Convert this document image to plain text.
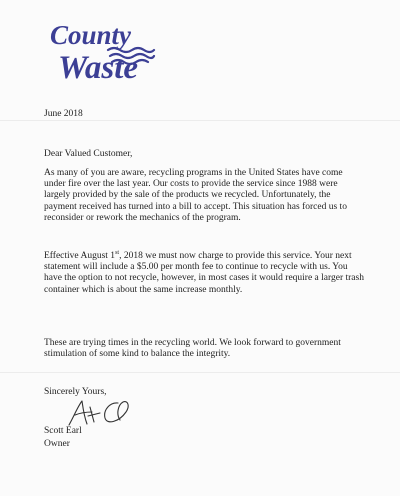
County
Waste
June 2018
Dear Valued Customer,

As many of you are aware, recycling programs in the United States have come under fire over the last year. Our costs to provide the service since 1988 were largely provided by the sale of the products we recycled. Unfortunately, the payment received has turned into a bill to accept. This situation has forced us to reconsider or rework the mechanics of the program.

Effective August 1st, 2018 we must now charge to provide this service. Your next statement will include a $5.00 per month fee to continue to recycle with us. You have the option to not recycle, however, in most cases it would require a larger trash container which is about the same increase monthly.

These are trying times in the recycling world. We look forward to government stimulation of some kind to balance the integrity.

Sincerely Yours,
Scott Earl
Owner
